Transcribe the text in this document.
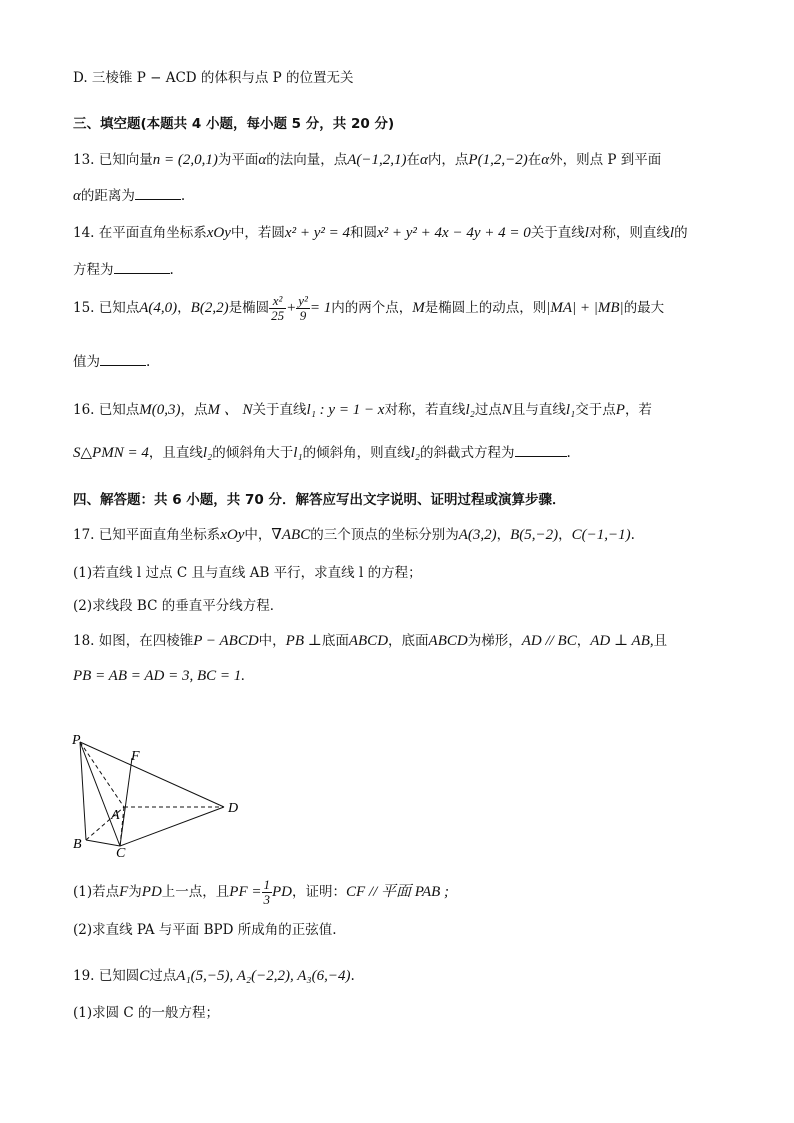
D. 三棱锥 P − ACD 的体积与点 P 的位置无关
三、填空题(本题共 4 小题，每小题 5 分，共 20 分)
13. 已知向量n = (2,0,1)为平面α的法向量，点A(−1,2,1)在α内，点P(1,2,−2)在α外，则点 P 到平面
α的距离为	.
14. 在平面直角坐标系xOy中，若圆x² + y² = 4和圆x² + y² + 4x − 4y + 4 = 0关于直线l对称，则直线l的
方程为	.
15. 已知点A(4,0)，B(2,2)是椭圆 $\frac{\text{x²}}{25} + \frac{\text{y²}}{9} = 1$内的两个点，M是椭圆上的动点，则|MA| + |MB|的最大
值为	.
16. 已知点M(0,3)，点M 、 N关于直线l₁ : y = 1 − x对称，若直线l₂过点N且与直线l₁交于点P，若
S△PMN = 4，且直线l₂的倾斜角大于l₁的倾斜角，则直线l₂的斜截式方程为	.
四、解答题：共 6 小题，共 70 分．解答应写出文字说明、证明过程或演算步骤．
17. 已知平面直角坐标系xOy中，∇ABC的三个顶点的坐标分别为A(3,2)，B(5,−2)，C(−1,−1).
(1)若直线 l 过点 C 且与直线 AB 平行，求直线 l 的方程；
(2)求线段 BC 的垂直平分线方程．
18. 如图，在四棱锥P − ABCD中，PB ⊥底面ABCD，底面ABCD为梯形，AD // BC，AD ⊥ AB,且
PB = AB = AD = 3, BC = 1.
P
F
A	D
B
C
(1)若点F为PD上一点，且PF = $\frac{1}{3}$ PD，证明：CF // 平面 PAB ;
(2)求直线 PA 与平面 BPD 所成角的正弦值.
19. 已知圆C过点A₁(5,−5), A₂(−2,2), A₃(6,−4).
(1)求圆 C 的一般方程；
